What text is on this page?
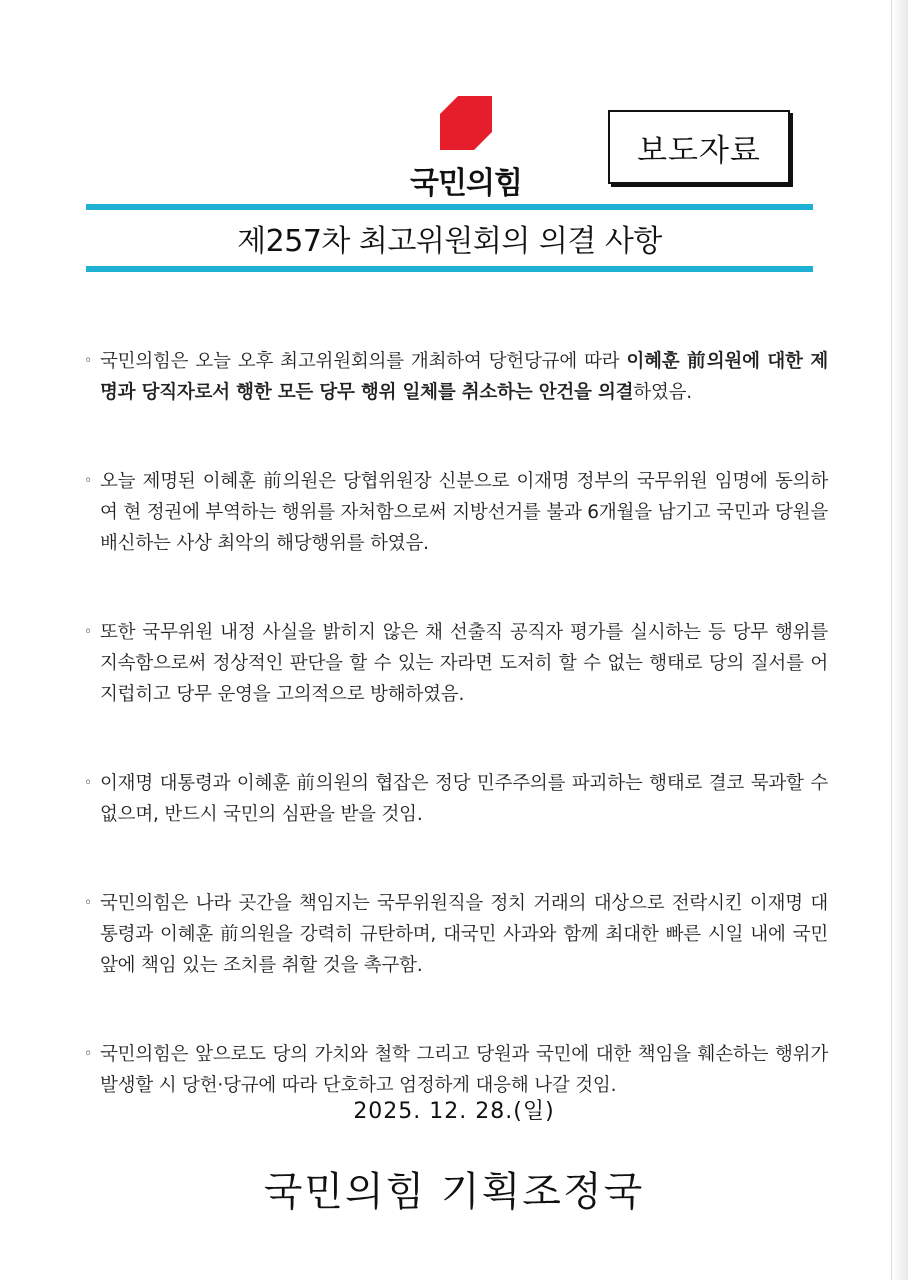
국민의힘
보도자료
제257차 최고위원회의 의결 사항
◦ 국민의힘은 오늘 오후 최고위원회의를 개최하여 당헌당규에 따라 이혜훈 前의원에 대한 제명과 당직자로서 행한 모든 당무 행위 일체를 취소하는 안건을 의결하였음.
◦ 오늘 제명된 이혜훈 前의원은 당협위원장 신분으로 이재명 정부의 국무위원 임명에 동의하여 현 정권에 부역하는 행위를 자처함으로써 지방선거를 불과 6개월을 남기고 국민과 당원을 배신하는 사상 최악의 해당행위를 하였음.
◦ 또한 국무위원 내정 사실을 밝히지 않은 채 선출직 공직자 평가를 실시하는 등 당무 행위를 지속함으로써 정상적인 판단을 할 수 있는 자라면 도저히 할 수 없는 행태로 당의 질서를 어지럽히고 당무 운영을 고의적으로 방해하였음.
◦ 이재명 대통령과 이혜훈 前의원의 협잡은 정당 민주주의를 파괴하는 행태로 결코 묵과할 수 없으며, 반드시 국민의 심판을 받을 것임.
◦ 국민의힘은 나라 곳간을 책임지는 국무위원직을 정치 거래의 대상으로 전락시킨 이재명 대통령과 이혜훈 前의원을 강력히 규탄하며, 대국민 사과와 함께 최대한 빠른 시일 내에 국민 앞에 책임 있는 조치를 취할 것을 촉구함.
◦ 국민의힘은 앞으로도 당의 가치와 철학 그리고 당원과 국민에 대한 책임을 훼손하는 행위가 발생할 시 당헌·당규에 따라 단호하고 엄정하게 대응해 나갈 것임.
2025. 12. 28.(일)
국민의힘 기획조정국
